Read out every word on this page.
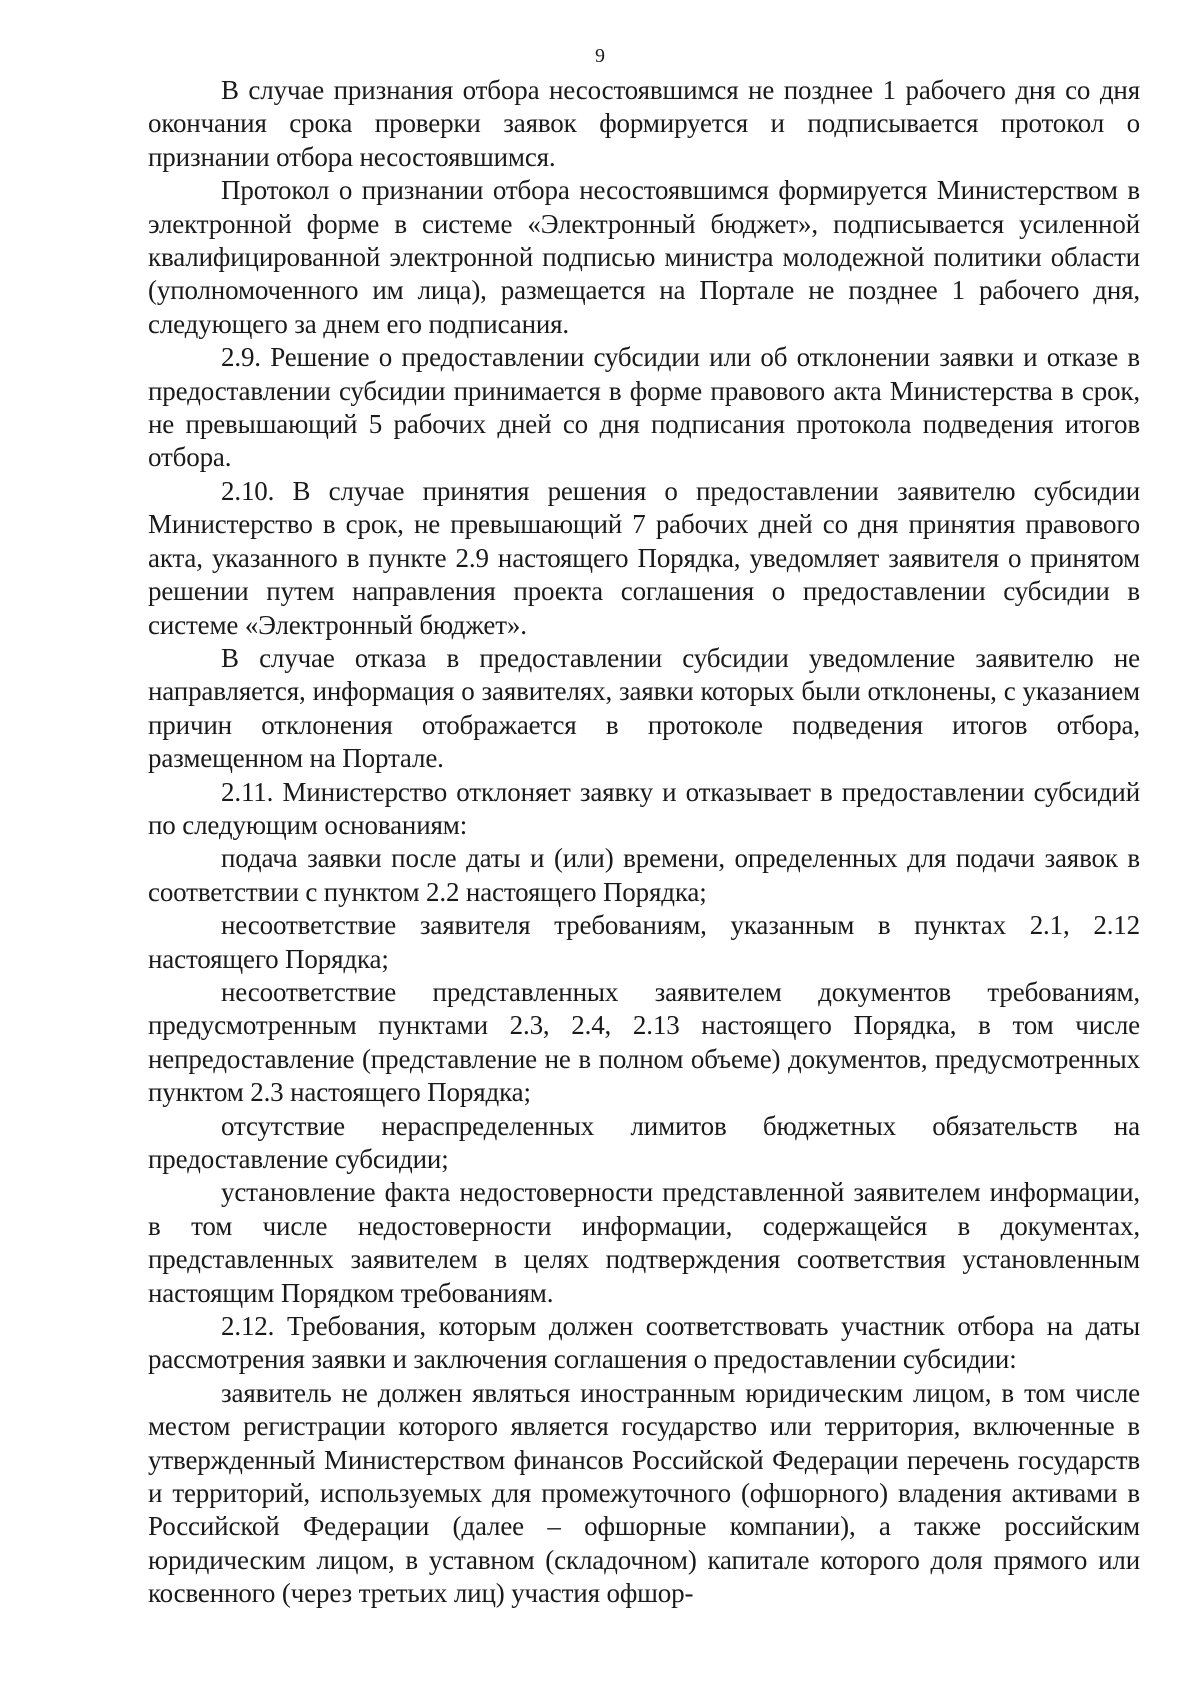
9

В случае признания отбора несостоявшимся не позднее 1 рабочего дня со дня окончания срока проверки заявок формируется и подписывается протокол о признании отбора несостоявшимся.

Протокол о признании отбора несостоявшимся формируется Министерством в электронной форме в системе «Электронный бюджет», подписывается усиленной квалифицированной электронной подписью министра молодежной политики области (уполномоченного им лица), размещается на Портале не позднее 1 рабочего дня, следующего за днем его подписания.

2.9. Решение о предоставлении субсидии или об отклонении заявки и отказе в предоставлении субсидии принимается в форме правового акта Министерства в срок, не превышающий 5 рабочих дней со дня подписания протокола подведения итогов отбора.

2.10. В случае принятия решения о предоставлении заявителю субсидии Министерство в срок, не превышающий 7 рабочих дней со дня принятия правового акта, указанного в пункте 2.9 настоящего Порядка, уведомляет заявителя о принятом решении путем направления проекта соглашения о предоставлении субсидии в системе «Электронный бюджет».

В случае отказа в предоставлении субсидии уведомление заявителю не направляется, информация о заявителях, заявки которых были отклонены, с указанием причин отклонения отображается в протоколе подведения итогов отбора, размещенном на Портале.

2.11. Министерство отклоняет заявку и отказывает в предоставлении субсидий по следующим основаниям:

подача заявки после даты и (или) времени, определенных для подачи заявок в соответствии с пунктом 2.2 настоящего Порядка;

несоответствие заявителя требованиям, указанным в пунктах 2.1, 2.12 настоящего Порядка;

несоответствие представленных заявителем документов требованиям, предусмотренным пунктами 2.3, 2.4, 2.13 настоящего Порядка, в том числе непредоставление (представление не в полном объеме) документов, предусмотренных пунктом 2.3 настоящего Порядка;

отсутствие нераспределенных лимитов бюджетных обязательств на предоставление субсидии;

установление факта недостоверности представленной заявителем информации, в том числе недостоверности информации, содержащейся в документах, представленных заявителем в целях подтверждения соответствия установленным настоящим Порядком требованиям.

2.12. Требования, которым должен соответствовать участник отбора на даты рассмотрения заявки и заключения соглашения о предоставлении субсидии:

заявитель не должен являться иностранным юридическим лицом, в том числе местом регистрации которого является государство или территория, включенные в утвержденный Министерством финансов Российской Федерации перечень государств и территорий, используемых для промежуточного (офшорного) владения активами в Российской Федерации (далее – офшорные компании), а также российским юридическим лицом, в уставном (складочном) капитале которого доля прямого или косвенного (через третьих лиц) участия офшор-
